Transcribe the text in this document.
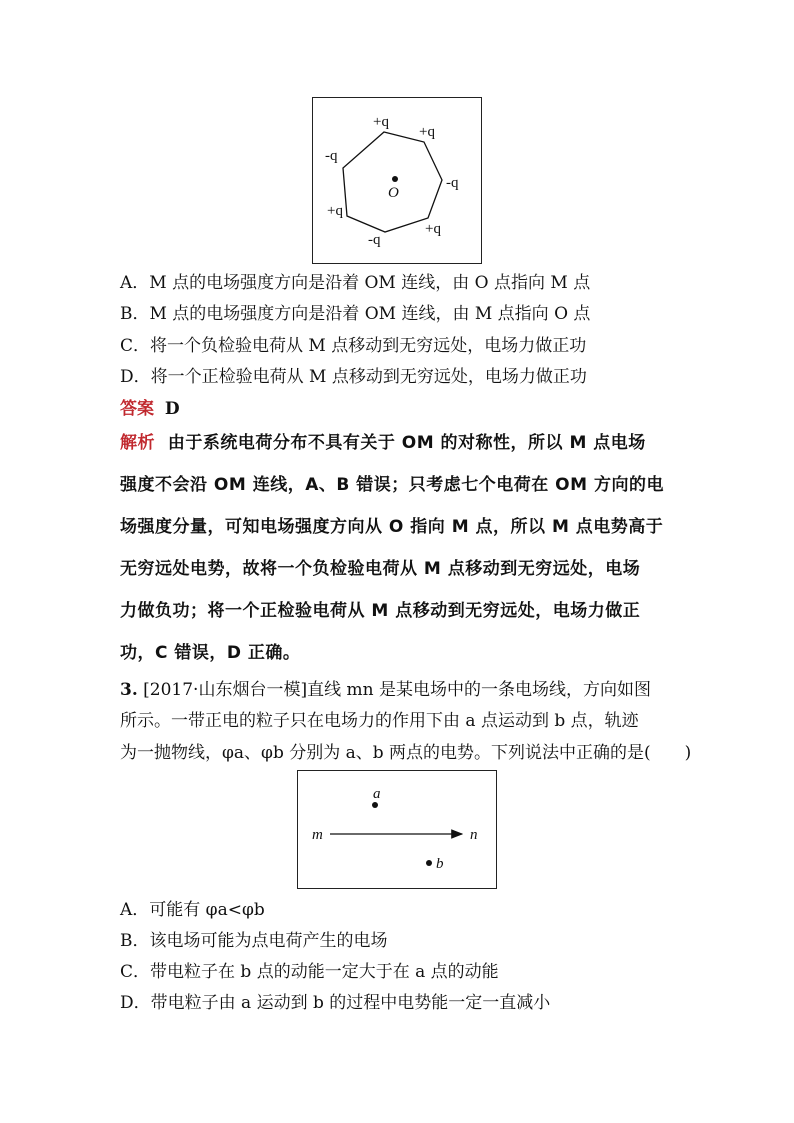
+q
+q
-q
+q
-q
+q
-q
O
A．M 点的电场强度方向是沿着 OM 连线，由 O 点指向 M 点
B．M 点的电场强度方向是沿着 OM 连线，由 M 点指向 O 点
C．将一个负检验电荷从 M 点移动到无穷远处，电场力做正功
D．将一个正检验电荷从 M 点移动到无穷远处，电场力做正功
答案 D
解析 由于系统电荷分布不具有关于 OM 的对称性，所以 M 点电场
强度不会沿 OM 连线，A、B 错误；只考虑七个电荷在 OM 方向的电
场强度分量，可知电场强度方向从 O 指向 M 点，所以 M 点电势高于
无穷远处电势，故将一个负检验电荷从 M 点移动到无穷远处，电场
力做负功；将一个正检验电荷从 M 点移动到无穷远处，电场力做正
功，C 错误，D 正确。
3. [2017·山东烟台一模]直线 mn 是某电场中的一条电场线，方向如图
所示。一带正电的粒子只在电场力的作用下由 a 点运动到 b 点，轨迹
为一抛物线，φa、φb 分别为 a、b 两点的电势。下列说法中正确的是(　　)
a
b
m	n
A．可能有 φa<φb
B．该电场可能为点电荷产生的电场
C．带电粒子在 b 点的动能一定大于在 a 点的动能
D．带电粒子由 a 运动到 b 的过程中电势能一定一直减小
